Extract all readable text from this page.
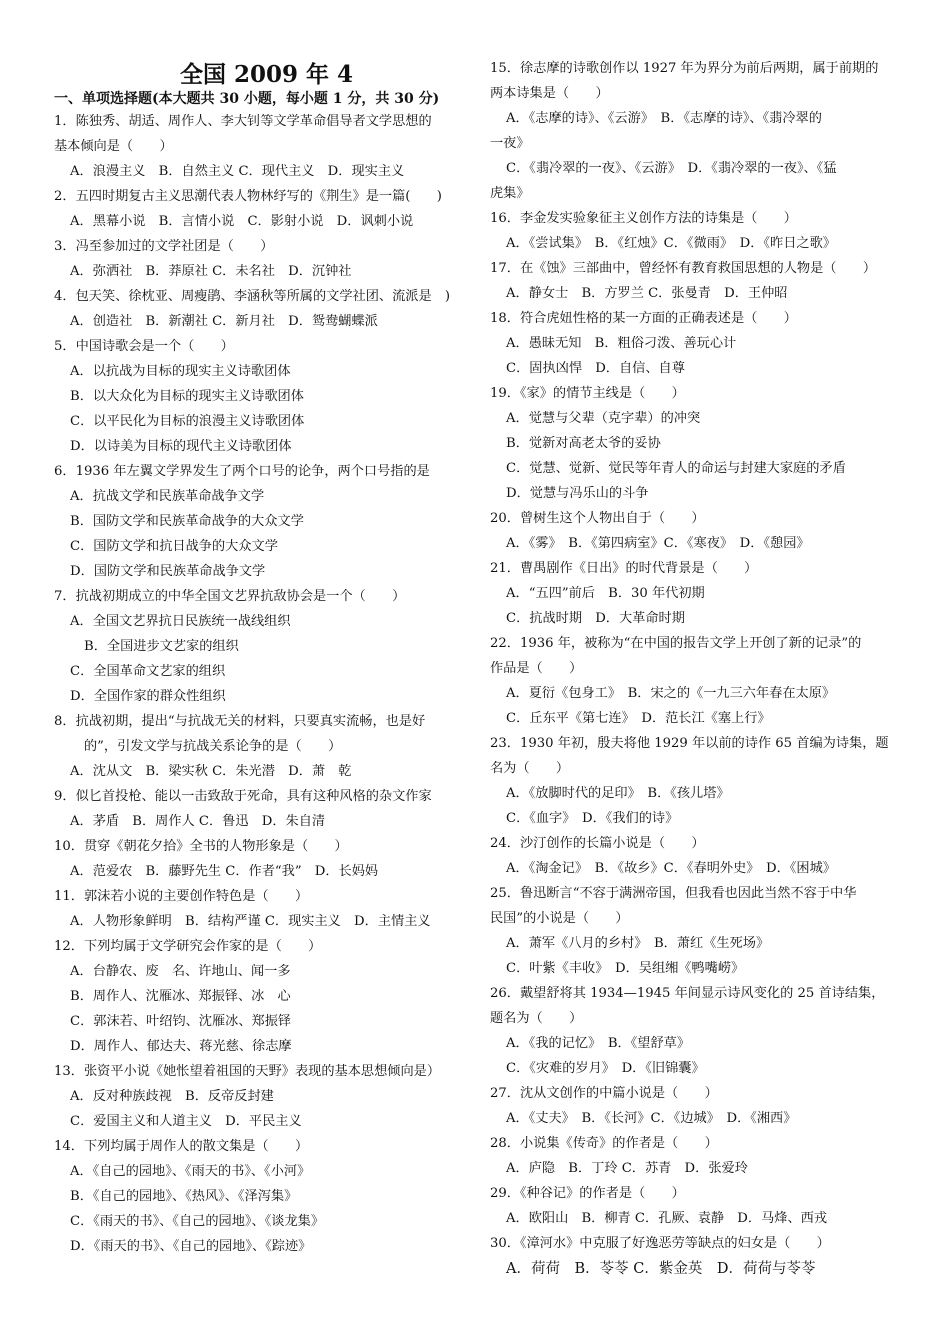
全国 2009 年 4
一、单项选择题(本大题共 30 小题，每小题 1 分，共 30 分)
1．陈独秀、胡适、周作人、李大钊等文学革命倡导者文学思想的
基本倾向是（　　）
A．浪漫主义　B．自然主义 C．现代主义　D．现实主义
2．五四时期复古主义思潮代表人物林纾写的《荆生》是一篇(　　)
A．黑幕小说　B．言情小说　C．影射小说　D．讽刺小说
3．冯至参加过的文学社团是（　　）
A．弥洒社　B．莽原社 C．未名社　D．沉钟社
4．包天笑、徐枕亚、周瘦鹃、李涵秋等所属的文学社团、流派是　)
A．创造社　B．新潮社 C．新月社　D．鸳鸯蝴蝶派
5．中国诗歌会是一个（　　）
A．以抗战为目标的现实主义诗歌团体
B．以大众化为目标的现实主义诗歌团体
C．以平民化为目标的浪漫主义诗歌团体
D．以诗美为目标的现代主义诗歌团体
6．1936 年左翼文学界发生了两个口号的论争，两个口号指的是
A．抗战文学和民族革命战争文学
B．国防文学和民族革命战争的大众文学
C．国防文学和抗日战争的大众文学
D．国防文学和民族革命战争文学
7．抗战初期成立的中华全国文艺界抗敌协会是一个（　　）
A．全国文艺界抗日民族统一战线组织
B．全国进步文艺家的组织
C．全国革命文艺家的组织
D．全国作家的群众性组织
8．抗战初期，提出“与抗战无关的材料，只要真实流畅，也是好
的”，引发文学与抗战关系论争的是（　　）
A．沈从文　B．梁实秋 C．朱光潜　D．萧　乾
9．似匕首投枪、能以一击致敌于死命，具有这种风格的杂文作家
A．茅盾　B．周作人 C．鲁迅　D．朱自清
10．贯穿《朝花夕拾》全书的人物形象是（　　）
A．范爱农　B．藤野先生 C．作者“我”　D．长妈妈
11．郭沫若小说的主要创作特色是（　　）
A．人物形象鲜明　B．结构严谨 C．现实主义　D．主情主义
12．下列均属于文学研究会作家的是（　　）
A．台静农、废　名、许地山、闻一多
B．周作人、沈雁冰、郑振铎、冰　心
C．郭沫若、叶绍钧、沈雁冰、郑振铎
D．周作人、郁达夫、蒋光慈、徐志摩
13．张资平小说《她怅望着祖国的天野》表现的基本思想倾向是）
A．反对种族歧视　B．反帝反封建
C．爱国主义和人道主义　D．平民主义
14．下列均属于周作人的散文集是（　　）
A．《自己的园地》、《雨天的书》、《小河》
B．《自己的园地》、《热风》、《泽泻集》
C．《雨天的书》、《自己的园地》、《谈龙集》
D．《雨天的书》、《自己的园地》、《踪迹》
15．徐志摩的诗歌创作以 1927 年为界分为前后两期，属于前期的
两本诗集是（　　）
A．《志摩的诗》、《云游》　B．《志摩的诗》、《翡冷翠的
一夜》
C．《翡冷翠的一夜》、《云游》　D．《翡冷翠的一夜》、《猛
虎集》
16．李金发实验象征主义创作方法的诗集是（　　）
A．《尝试集》　B．《红烛》C．《微雨》　D．《昨日之歌》
17．在《蚀》三部曲中，曾经怀有教育救国思想的人物是（　　）
A．静女士　B．方罗兰 C．张曼青　D．王仲昭
18．符合虎妞性格的某一方面的正确表述是（　　）
A．愚昧无知　B．粗俗刁泼、善玩心计
C．固执凶悍　D．自信、自尊
19．《家》的情节主线是（　　）
A．觉慧与父辈（克字辈）的冲突
B．觉新对高老太爷的妥协
C．觉慧、觉新、觉民等年青人的命运与封建大家庭的矛盾
D．觉慧与冯乐山的斗争
20．曾树生这个人物出自于（　　）
A．《雾》　B．《第四病室》C．《寒夜》　D．《憩园》
21．曹禺剧作《日出》的时代背景是（　　）
A．“五四”前后　B．30 年代初期
C．抗战时期　D．大革命时期
22．1936 年，被称为“在中国的报告文学上开创了新的记录”的
作品是（　　）
A．夏衍《包身工》　B．宋之的《一九三六年春在太原》
C．丘东平《第七连》　D．范长江《塞上行》
23．1930 年初，殷夫将他 1929 年以前的诗作 65 首编为诗集，题
名为（　　）
A．《放脚时代的足印》　B．《孩儿塔》
C．《血字》　D．《我们的诗》
24．沙汀创作的长篇小说是（　　）
A．《淘金记》　B．《故乡》C．《春明外史》　D．《困城》
25．鲁迅断言“不容于满洲帝国，但我看也因此当然不容于中华
民国”的小说是（　　）
A．萧军《八月的乡村》　B．萧红《生死场》
C．叶紫《丰收》　D．吴组缃《鸭嘴崂》
26．戴望舒将其 1934—1945 年间显示诗风变化的 25 首诗结集，
题名为（　　）
A．《我的记忆》　B．《望舒草》
C．《灾难的岁月》　D．《旧锦囊》
27．沈从文创作的中篇小说是（　　）
A．《丈夫》　B．《长河》C．《边城》　D．《湘西》
28．小说集《传奇》的作者是（　　）
A．庐隐　B．丁玲 C．苏青　D．张爱玲
29．《种谷记》的作者是（　　）
A．欧阳山　B．柳青 C．孔厥、袁静　D．马烽、西戎
30．《漳河水》中克服了好逸恶劳等缺点的妇女是（　　）
A．荷荷　B．苓苓 C．紫金英　D．荷荷与苓苓
